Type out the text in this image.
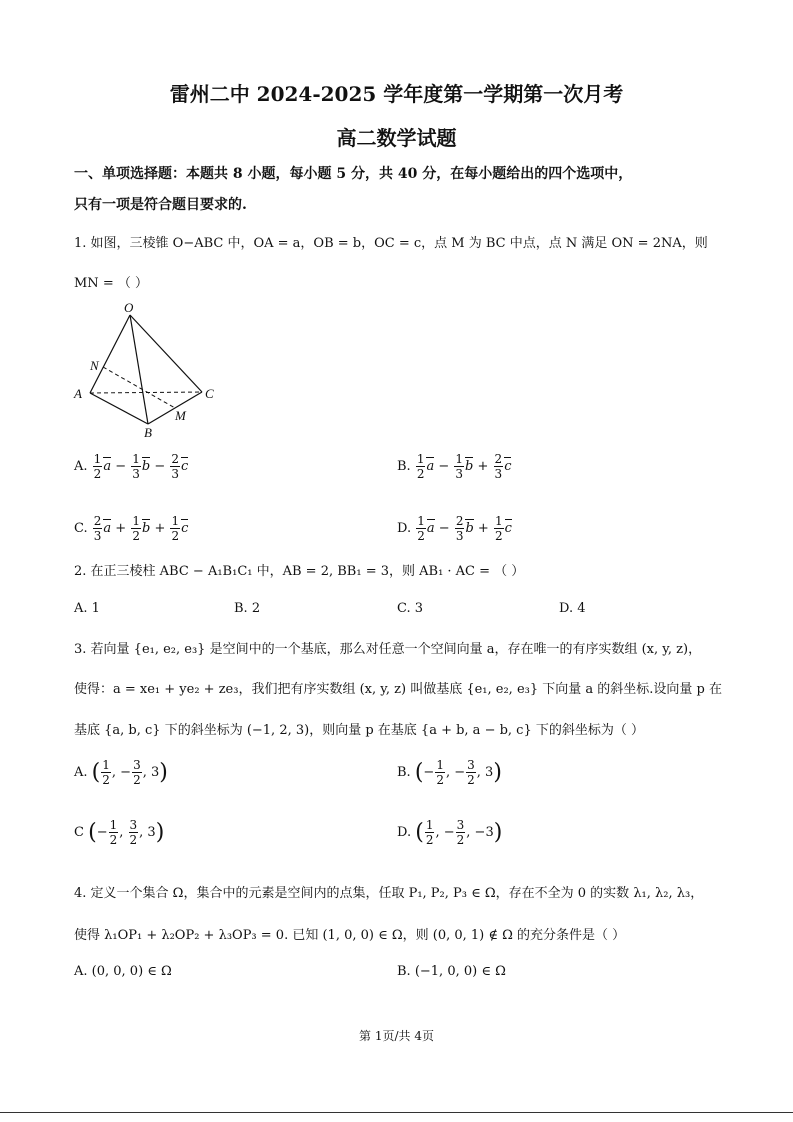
雷州二中 2024-2025 学年度第一学期第一次月考
高二数学试题
一、单项选择题：本题共 8 小题，每小题 5 分，共 40 分，在每小题给出的四个选项中，
只有一项是符合题目要求的.
1. 如图，三棱锥 O−ABC 中，OA = a，OB = b，OC = c，点 M 为 BC 中点，点 N 满足 ON = 2NA，则
MN = （ ）
O
A
B
C
M
N
A. $\frac{1}{2}$ $a - \frac{1}{3}$ $b - \frac{2}{3}$ c	B. $\frac{1}{2}$ $a - \frac{1}{3}$ $b + \frac{2}{3}$ c
C. $\frac{2}{3}$ $a + \frac{1}{2}$ $b + \frac{1}{2}$ c	D. $\frac{1}{2}$ $a - \frac{2}{3}$ $b + \frac{1}{2}$ c
2. 在正三棱柱 ABC − A₁B₁C₁ 中，AB = 2, BB₁ = 3，则 AB₁ · AC = （ ）
A. 1	B. 2	C. 3	D. 4
3. 若向量 {e₁, e₂, e₃} 是空间中的一个基底，那么对任意一个空间向量 a，存在唯一的有序实数组 (x, y, z)，
使得：a = xe₁ + ye₂ + ze₃，我们把有序实数组 (x, y, z) 叫做基底 {e₁, e₂, e₃} 下向量 a 的斜坐标.设向量 p 在
基底 {a, b, c} 下的斜坐标为 (−1, 2, 3)，则向量 p 在基底 {a + b, a − b, c} 下的斜坐标为（ ）
A. ( $\frac{1}{2}$ , − $\frac{3}{2}$ , 3)	B. (− $\frac{1}{2}$ , − $\frac{3}{2}$ , 3)
C (− $\frac{1}{2}$ , $\frac{3}{2}$ , 3)	D. ( $\frac{1}{2}$ , − $\frac{3}{2}$ , −3)
4. 定义一个集合 Ω，集合中的元素是空间内的点集，任取 P₁, P₂, P₃ ∈ Ω，存在不全为 0 的实数 λ₁, λ₂, λ₃，
使得 λ₁OP₁ + λ₂OP₂ + λ₃OP₃ = 0. 已知 (1, 0, 0) ∈ Ω，则 (0, 0, 1) ∉ Ω 的充分条件是（ ）
A. (0, 0, 0) ∈ Ω	B. (−1, 0, 0) ∈ Ω
第 1页/共 4页
